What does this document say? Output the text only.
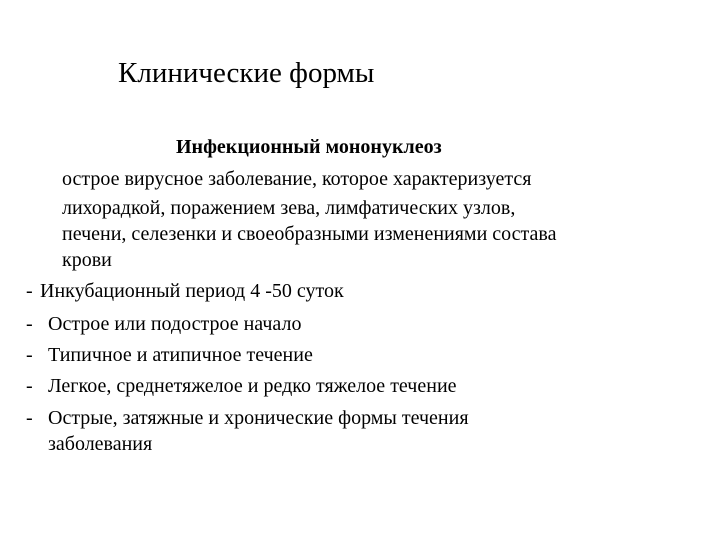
Клинические формы
Инфекционный мононуклеоз
острое вирусное заболевание, которое характеризуется
лихорадкой, поражением зева, лимфатических узлов,
печени, селезенки и своеобразными изменениями состава
крови
- Инкубационный период 4 -50 суток
- Острое или подострое начало
- Типичное и атипичное течение
- Легкое, среднетяжелое и редко тяжелое течение
- Острые, затяжные и хронические формы течения
заболевания
